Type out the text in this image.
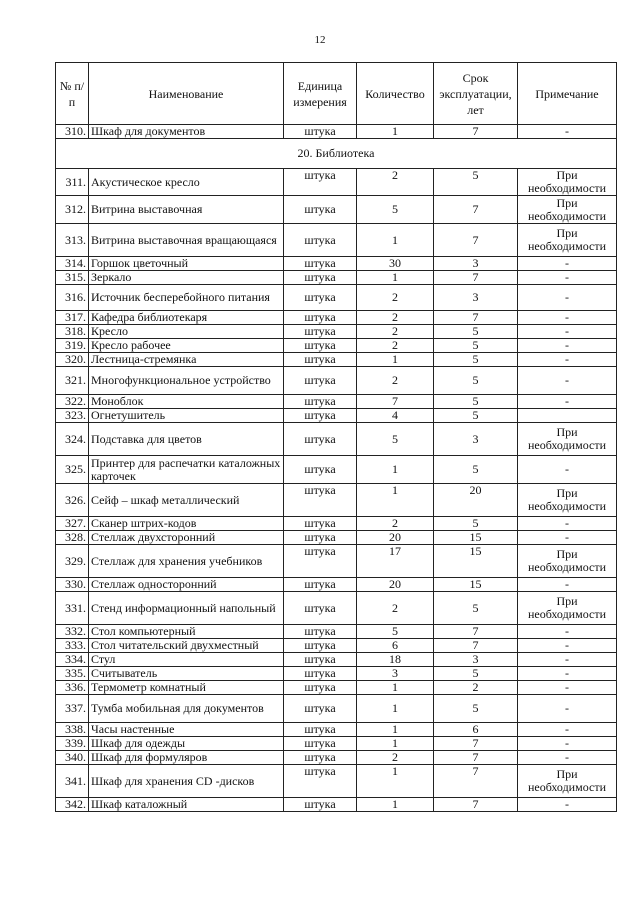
12
№ п/п	Наименование	Единица измерения	Количество	Срок эксплуатации, лет	Примечание
310.	Шкаф для документов	штука	1	7	-
20. Библиотека					
311.	Акустическое кресло	штука	2	5	При необходимости
312.	Витрина выставочная	штука	5	7	При необходимости
313.	Витрина выставочная вращающаяся	штука	1	7	При необходимости
314.	Горшок цветочный	штука	30	3	-
315.	Зеркало	штука	1	7	-
316.	Источник бесперебойного питания	штука	2	3	-
317.	Кафедра библиотекаря	штука	2	7	-
318.	Кресло	штука	2	5	-
319.	Кресло рабочее	штука	2	5	-
320.	Лестница-стремянка	штука	1	5	-
321.	Многофункциональное устройство	штука	2	5	-
322.	Моноблок	штука	7	5	-
323.	Огнетушитель	штука	4	5	
324.	Подставка для цветов	штука	5	3	При необходимости
325.	Принтер для распечатки каталожных карточек	штука	1	5	-
326.	Сейф – шкаф металлический	штука	1	20	При необходимости
327.	Сканер штрих-кодов	штука	2	5	-
328.	Стеллаж двухсторонний	штука	20	15	-
329.	Стеллаж для хранения учебников	штука	17	15	При необходимости
330.	Стеллаж односторонний	штука	20	15	-
331.	Стенд информационный напольный	штука	2	5	При необходимости
332.	Стол компьютерный	штука	5	7	-
333.	Стол читательский двухместный	штука	6	7	-
334.	Стул	штука	18	3	-
335.	Считыватель	штука	3	5	-
336.	Термометр комнатный	штука	1	2	-
337.	Тумба мобильная для документов	штука	1	5	-
338.	Часы настенные	штука	1	6	-
339.	Шкаф для одежды	штука	1	7	-
340.	Шкаф для формуляров	штука	2	7	-
341.	Шкаф для хранения CD -дисков	штука	1	7	При необходимости
342.	Шкаф каталожный	штука	1	7	-
